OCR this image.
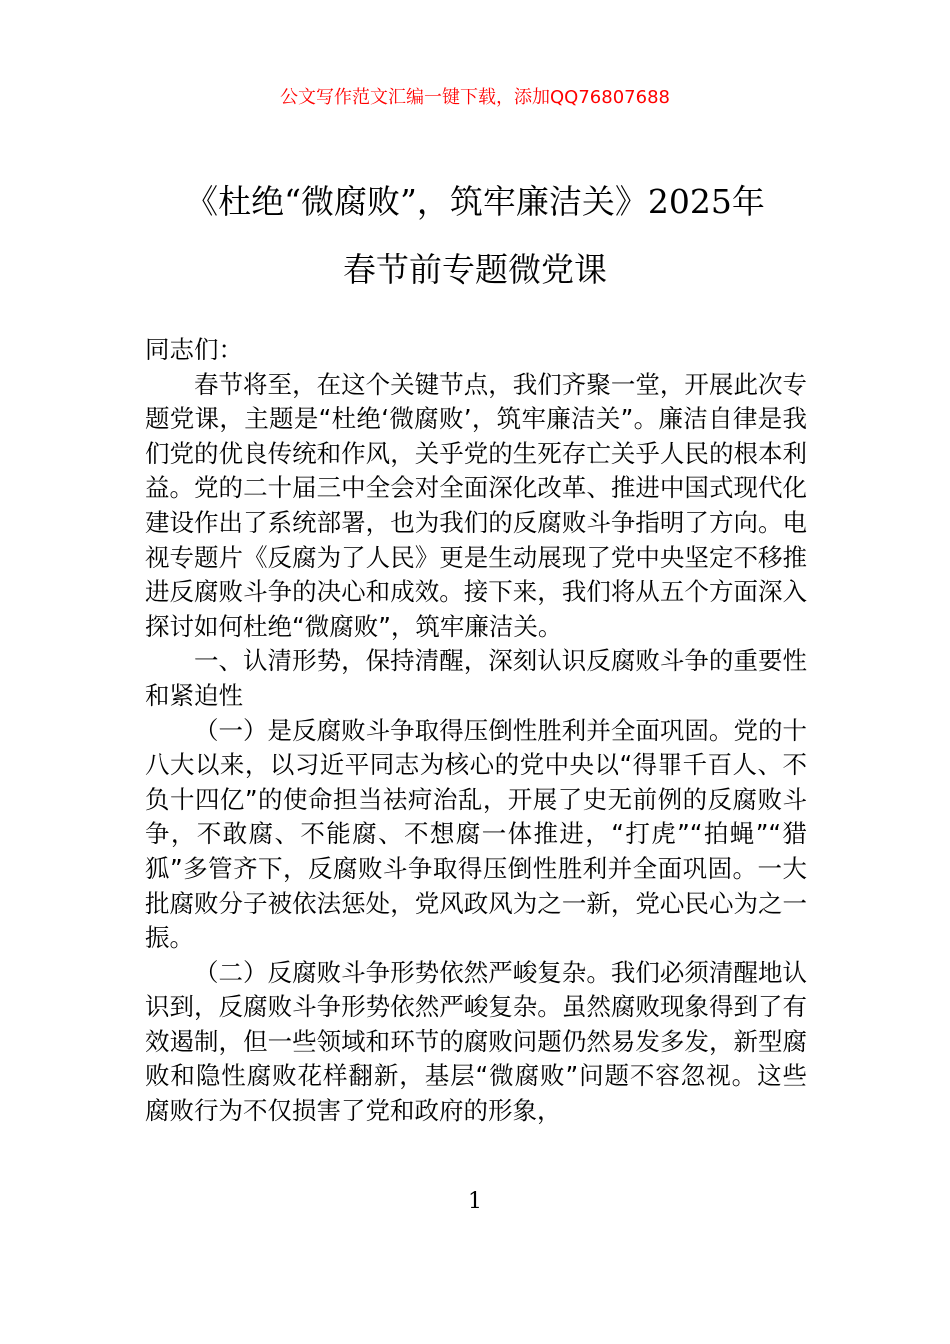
公文写作范文汇编一键下载，添加QQ76807688
《杜绝“微腐败”，筑牢廉洁关》2025年
春节前专题微党课

同志们：

春节将至，在这个关键节点，我们齐聚一堂，开展此次专题党课，主题是“杜绝‘微腐败’，筑牢廉洁关”。廉洁自律是我们党的优良传统和作风，关乎党的生死存亡关乎人民的根本利益。党的二十届三中全会对全面深化改革、推进中国式现代化建设作出了系统部署，也为我们的反腐败斗争指明了方向。电视专题片《反腐为了人民》更是生动展现了党中央坚定不移推进反腐败斗争的决心和成效。接下来，我们将从五个方面深入探讨如何杜绝“微腐败”，筑牢廉洁关。

一、认清形势，保持清醒，深刻认识反腐败斗争的重要性和紧迫性

（一）是反腐败斗争取得压倒性胜利并全面巩固。党的十八大以来，以习近平同志为核心的党中央以“得罪千百人、不负十四亿”的使命担当祛疴治乱，开展了史无前例的反腐败斗争，不敢腐、不能腐、不想腐一体推进，“打虎”“拍蝇”“猎狐”多管齐下，反腐败斗争取得压倒性胜利并全面巩固。一大批腐败分子被依法惩处，党风政风为之一新，党心民心为之一振。

（二）反腐败斗争形势依然严峻复杂。我们必须清醒地认识到，反腐败斗争形势依然严峻复杂。虽然腐败现象得到了有效遏制，但一些领域和环节的腐败问题仍然易发多发，新型腐败和隐性腐败花样翻新，基层“微腐败”问题不容忽视。这些腐败行为不仅损害了党和政府的形象，

1
